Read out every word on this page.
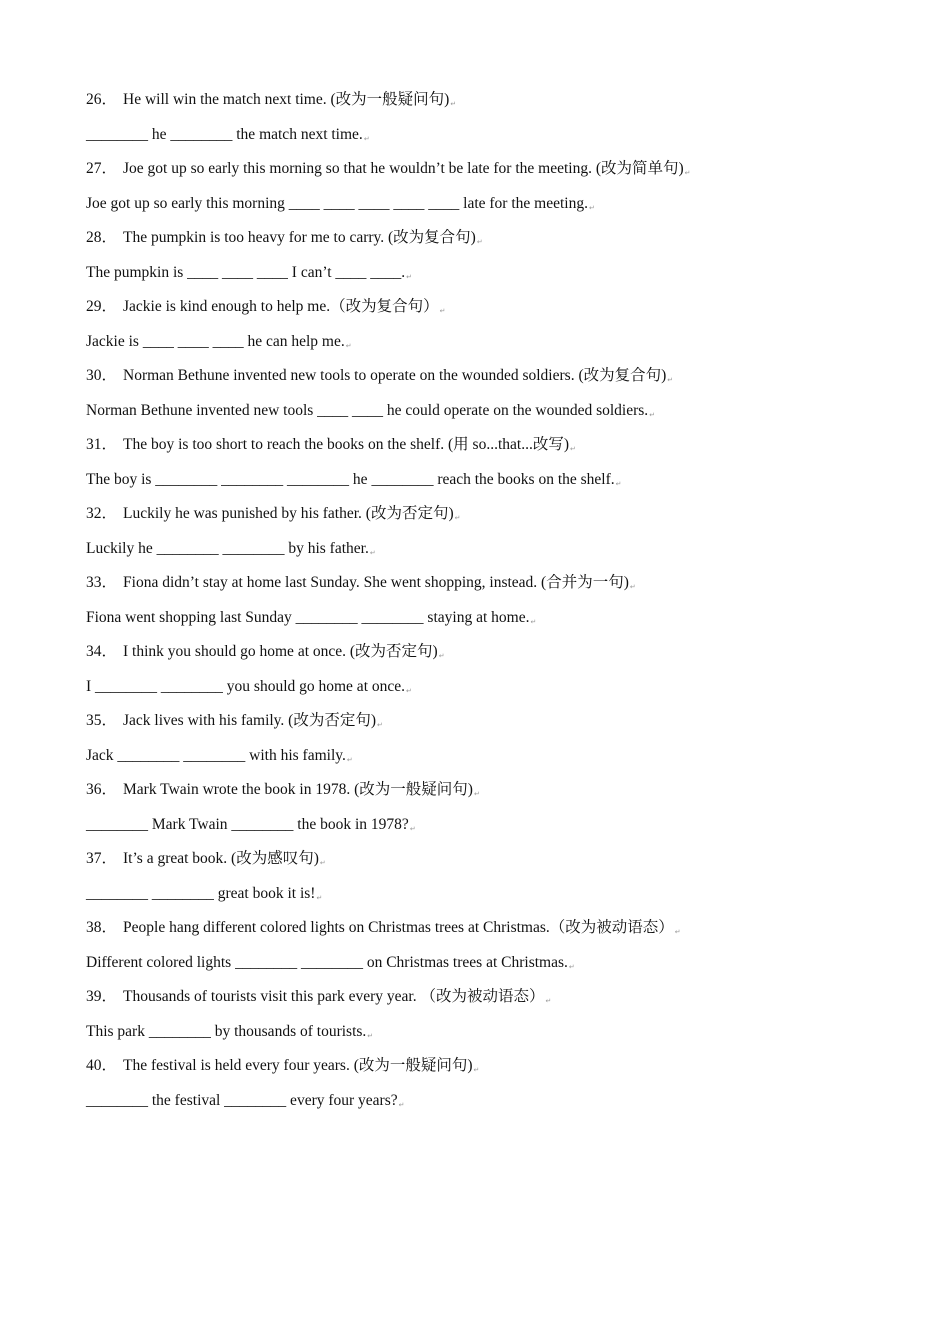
26． He will win the match next time. (改为一般疑问句)↵
________ he ________ the match next time.↵
27． Joe got up so early this morning so that he wouldn’t be late for the meeting. (改为简单句)↵
Joe got up so early this morning ____ ____ ____ ____ ____ late for the meeting.↵
28． The pumpkin is too heavy for me to carry. (改为复合句)↵
The pumpkin is ____ ____ ____ I can’t ____ ____.↵
29． Jackie is kind enough to help me.（改为复合句）↵
Jackie is ____ ____ ____ he can help me.↵
30． Norman Bethune invented new tools to operate on the wounded soldiers. (改为复合句)↵
Norman Bethune invented new tools ____ ____ he could operate on the wounded soldiers.↵
31． The boy is too short to reach the books on the shelf. (用 so...that...改写)↵
The boy is ________ ________ ________ he ________ reach the books on the shelf.↵
32． Luckily he was punished by his father. (改为否定句)↵
Luckily he ________ ________ by his father.↵
33． Fiona didn’t stay at home last Sunday. She went shopping, instead. (合并为一句)↵
Fiona went shopping last Sunday ________ ________ staying at home.↵
34． I think you should go home at once. (改为否定句)↵
I ________ ________ you should go home at once.↵
35． Jack lives with his family. (改为否定句)↵
Jack ________ ________ with his family.↵
36． Mark Twain wrote the book in 1978. (改为一般疑问句)↵
________ Mark Twain ________ the book in 1978?↵
37． It’s a great book. (改为感叹句)↵
________ ________ great book it is!↵
38． People hang different colored lights on Christmas trees at Christmas.（改为被动语态）↵
Different colored lights ________ ________ on Christmas trees at Christmas.↵
39． Thousands of tourists visit this park every year. （改为被动语态）↵
This park ________ by thousands of tourists.↵
40． The festival is held every four years. (改为一般疑问句)↵
________ the festival ________ every four years?↵
